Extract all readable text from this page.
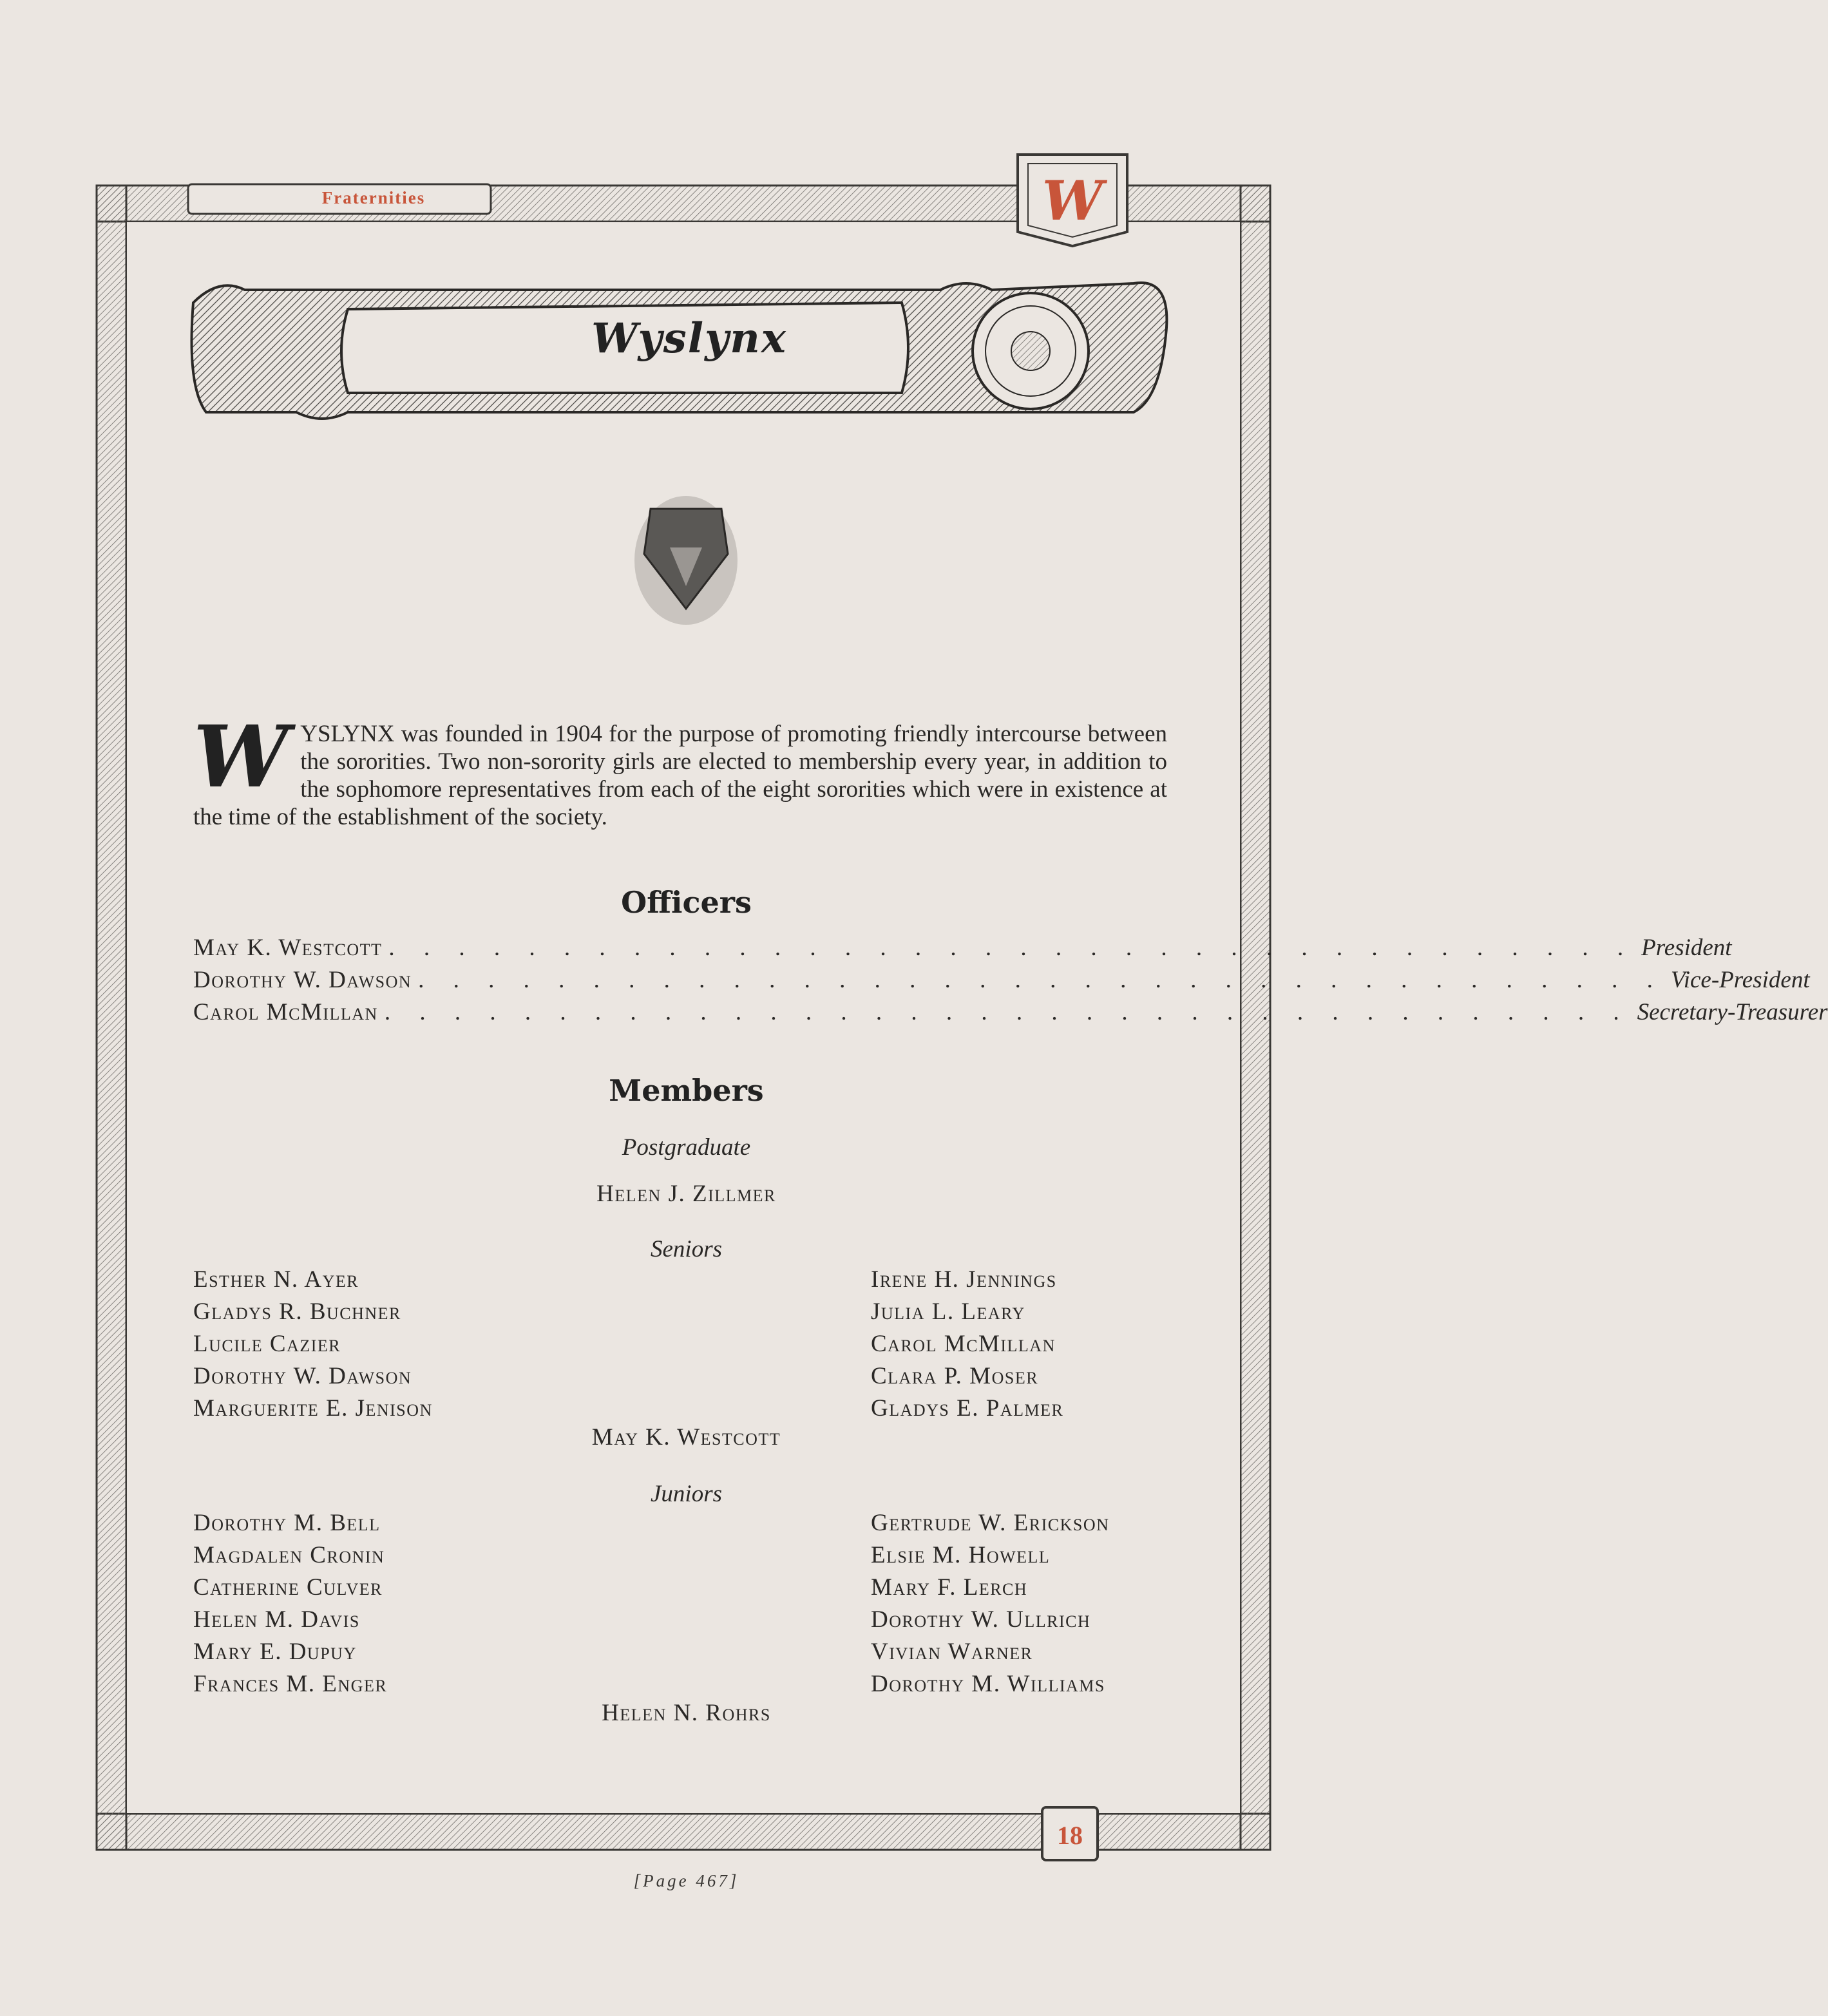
Fraternities	W
Wyslynx
W YSLYNX was founded in 1904 for the purpose of promoting friendly intercourse between the sororities. Two non-sorority girls are elected to membership every year, in addition to the sophomore representatives from each of the eight sororities which were in existence at the time of the establishment of the society.
Officers
May K. Westcott . . . . . . . . . . . . . . . . . . . . . . . . . . . . . . . . . . . . President
Dorothy W. Dawson . . . . . . . . . . . . . . . . . . . . . . . . . . . . . . . . . . . . Vice-President
Carol McMillan . . . . . . . . . . . . . . . . . . . . . . . . . . . . . . . . . . . . Secretary-Treasurer
Members
Postgraduate
Helen J. Zillmer
Seniors
Esther N. Ayer
Gladys R. Buchner
Lucile Cazier
Dorothy W. Dawson
Marguerite E. Jenison
Irene H. Jennings
Julia L. Leary
Carol McMillan
Clara P. Moser
Gladys E. Palmer
May K. Westcott
Juniors
Dorothy M. Bell
Magdalen Cronin
Catherine Culver
Helen M. Davis
Mary E. Dupuy
Frances M. Enger
Gertrude W. Erickson
Elsie M. Howell
Mary F. Lerch
Dorothy W. Ullrich
Vivian Warner
Dorothy M. Williams
Helen N. Rohrs
18
[Page 467]
